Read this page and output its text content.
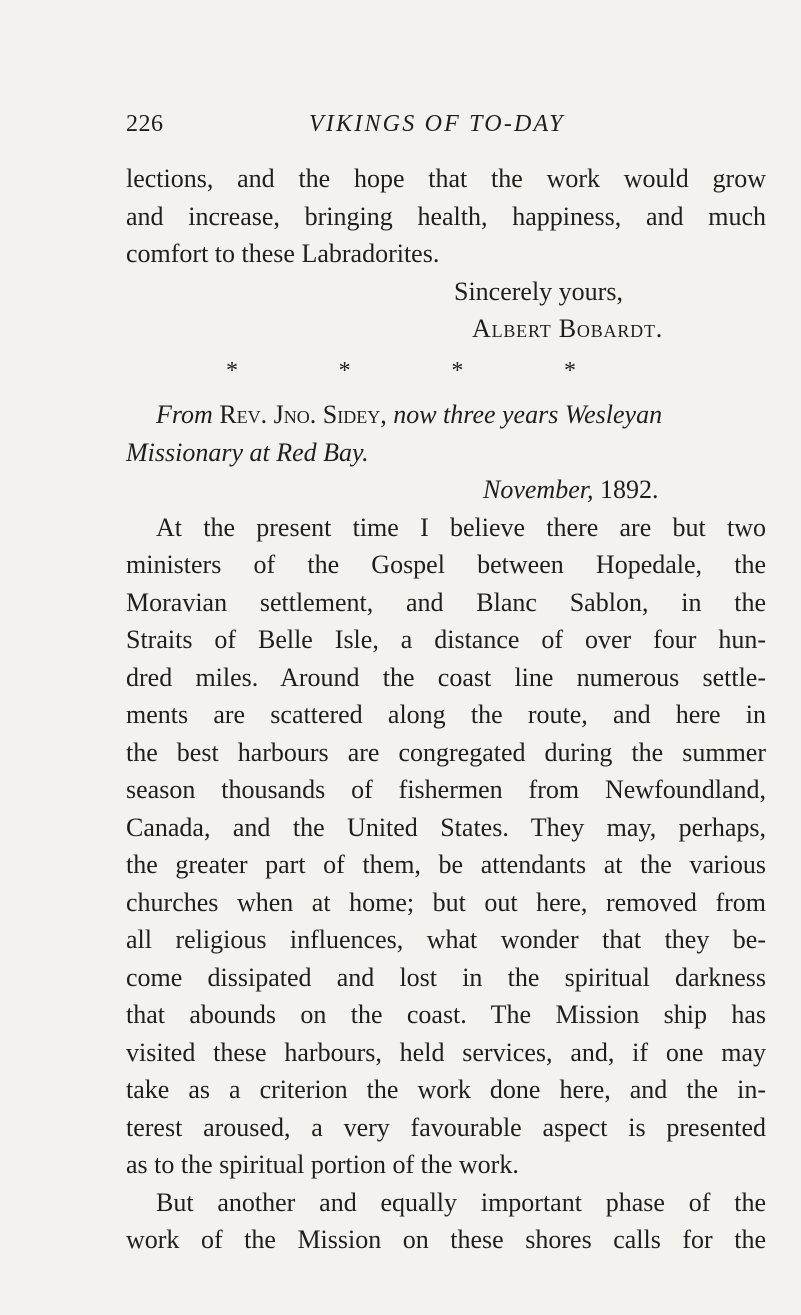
226	VIKINGS OF TO-DAY
lections, and the hope that the work would grow
and increase, bringing health, happiness, and much
comfort to these Labradorites.
Sincerely yours,
Albert Bobardt.
*	*	*	*
From Rev. Jno. Sidey, now three years Wesleyan
Missionary at Red Bay.
November, 1892.
At the present time I believe there are but two
ministers of the Gospel between Hopedale, the
Moravian settlement, and Blanc Sablon, in the
Straits of Belle Isle, a distance of over four hun-
dred miles. Around the coast line numerous settle-
ments are scattered along the route, and here in
the best harbours are congregated during the summer
season thousands of fishermen from Newfoundland,
Canada, and the United States. They may, perhaps,
the greater part of them, be attendants at the various
churches when at home; but out here, removed from
all religious influences, what wonder that they be-
come dissipated and lost in the spiritual darkness
that abounds on the coast. The Mission ship has
visited these harbours, held services, and, if one may
take as a criterion the work done here, and the in-
terest aroused, a very favourable aspect is presented
as to the spiritual portion of the work.
But another and equally important phase of the
work of the Mission on these shores calls for the
